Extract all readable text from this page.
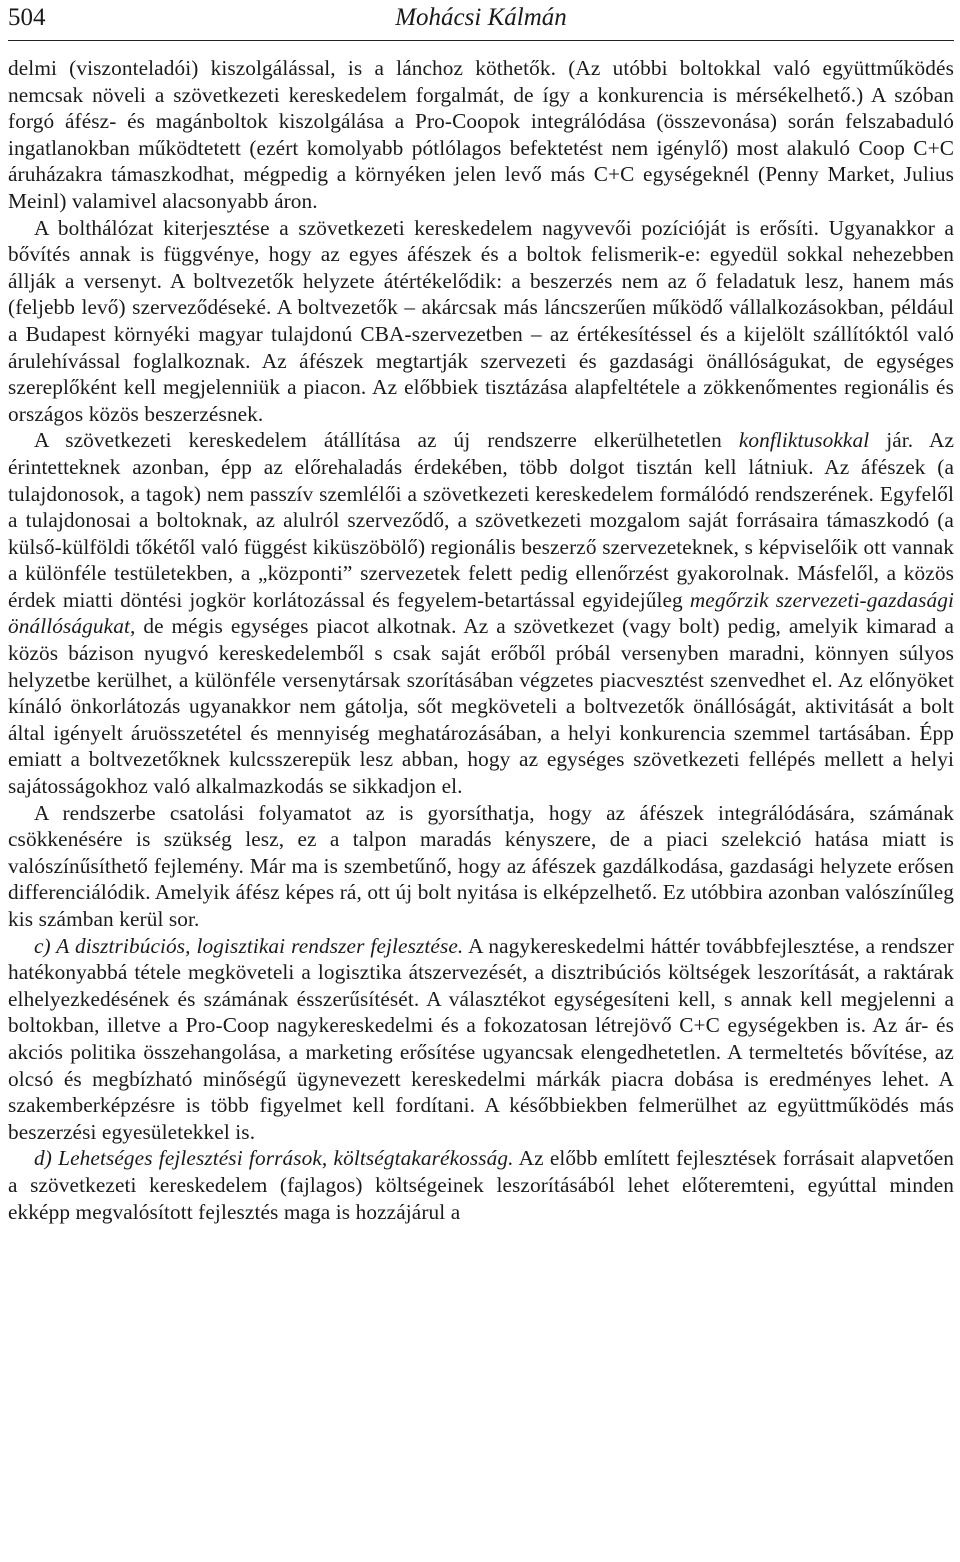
504	Mohácsi Kálmán

delmi (viszonteladói) kiszolgálással, is a lánchoz köthetők. (Az utóbbi boltokkal való együttműködés nemcsak növeli a szövetkezeti kereskedelem forgalmát, de így a konkurencia is mérsékelhető.) A szóban forgó áfész- és magánboltok kiszolgálása a Pro-Coopok integrálódása (összevonása) során felszabaduló ingatlanokban működtetett (ezért komolyabb pótlólagos befektetést nem igénylő) most alakuló Coop C+C áruházakra támaszkodhat, mégpedig a környéken jelen levő más C+C egységeknél (Penny Market, Julius Meinl) valamivel alacsonyabb áron.

A bolthálózat kiterjesztése a szövetkezeti kereskedelem nagyvevői pozícióját is erősíti. Ugyanakkor a bővítés annak is függvénye, hogy az egyes áfészek és a boltok felismerik-e: egyedül sokkal nehezebben állják a versenyt. A boltvezetők helyzete átértékelődik: a beszerzés nem az ő feladatuk lesz, hanem más (feljebb levő) szerveződéseké. A boltvezetők – akárcsak más láncszerűen működő vállalkozásokban, például a Budapest környéki magyar tulajdonú CBA-szervezetben – az értékesítéssel és a kijelölt szállítóktól való árulehívással foglalkoznak. Az áfészek megtartják szervezeti és gazdasági önállóságukat, de egységes szereplőként kell megjelenniük a piacon. Az előbbiek tisztázása alapfeltétele a zökkenőmentes regionális és országos közös beszerzésnek.

A szövetkezeti kereskedelem átállítása az új rendszerre elkerülhetetlen konfliktusokkal jár. Az érintetteknek azonban, épp az előrehaladás érdekében, több dolgot tisztán kell látniuk. Az áfészek (a tulajdonosok, a tagok) nem passzív szemlélői a szövetkezeti kereskedelem formálódó rendszerének. Egyfelől a tulajdonosai a boltoknak, az alulról szerveződő, a szövetkezeti mozgalom saját forrásaira támaszkodó (a külső-külföldi tőkétől való függést kiküszöbölő) regionális beszerző szervezeteknek, s képviselőik ott vannak a különféle testületekben, a „központi” szervezetek felett pedig ellenőrzést gyakorolnak. Másfelől, a közös érdek miatti döntési jogkör korlátozással és fegyelem-betartással egyidejűleg megőrzik szervezeti-gazdasági önállóságukat, de mégis egységes piacot alkotnak. Az a szövetkezet (vagy bolt) pedig, amelyik kimarad a közös bázison nyugvó kereskedelemből s csak saját erőből próbál versenyben maradni, könnyen súlyos helyzetbe kerülhet, a különféle versenytársak szorításában végzetes piacvesztést szenvedhet el. Az előnyöket kínáló önkorlátozás ugyanakkor nem gátolja, sőt megköveteli a boltvezetők önállóságát, aktivitását a bolt által igényelt áruösszetétel és mennyiség meghatározásában, a helyi konkurencia szemmel tartásában. Épp emiatt a boltvezetőknek kulcsszerepük lesz abban, hogy az egységes szövetkezeti fellépés mellett a helyi sajátosságokhoz való alkalmazkodás se sikkadjon el.

A rendszerbe csatolási folyamatot az is gyorsíthatja, hogy az áfészek integrálódására, számának csökkenésére is szükség lesz, ez a talpon maradás kényszere, de a piaci szelekció hatása miatt is valószínűsíthető fejlemény. Már ma is szembetűnő, hogy az áfészek gazdálkodása, gazdasági helyzete erősen differenciálódik. Amelyik áfész képes rá, ott új bolt nyitása is elképzelhető. Ez utóbbira azonban valószínűleg kis számban kerül sor.

c) A disztribúciós, logisztikai rendszer fejlesztése. A nagykereskedelmi háttér továbbfejlesztése, a rendszer hatékonyabbá tétele megköveteli a logisztika átszervezését, a disztribúciós költségek leszorítását, a raktárak elhelyezkedésének és számának ésszerűsítését. A választékot egységesíteni kell, s annak kell megjelenni a boltokban, illetve a Pro-Coop nagykereskedelmi és a fokozatosan létrejövő C+C egységekben is. Az ár- és akciós politika összehangolása, a marketing erősítése ugyancsak elengedhetetlen. A termeltetés bővítése, az olcsó és megbízható minőségű ügynevezett kereskedelmi márkák piacra dobása is eredményes lehet. A szakemberképzésre is több figyelmet kell fordítani. A későbbiekben felmerülhet az együttműködés más beszerzési egyesületekkel is.

d) Lehetséges fejlesztési források, költségtakarékosság. Az előbb említett fejlesztések forrásait alapvetően a szövetkezeti kereskedelem (fajlagos) költségeinek leszorításából lehet előteremteni, egyúttal minden ekképp megvalósított fejlesztés maga is hozzájárul a
